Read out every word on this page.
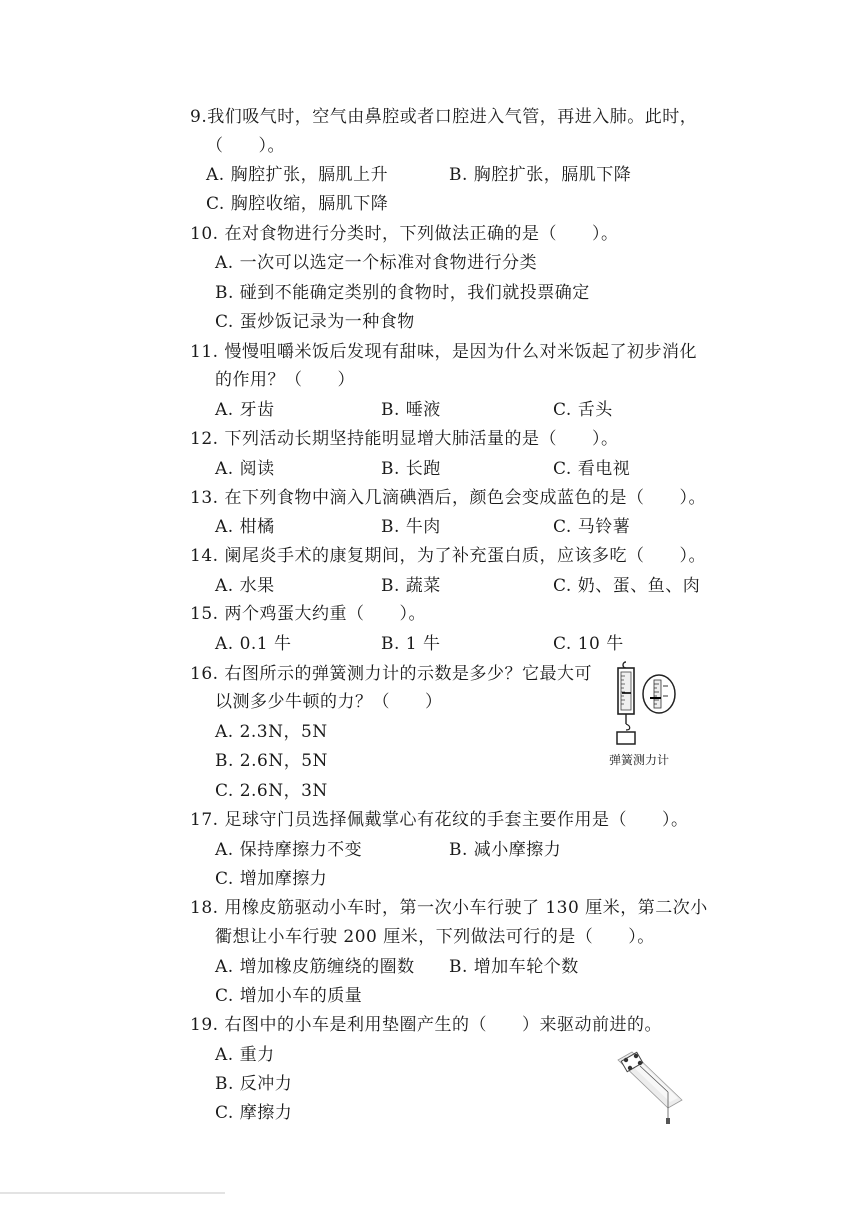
9.我们吸气时，空气由鼻腔或者口腔进入气管，再进入肺。此时，
（　　）。
A. 胸腔扩张，膈肌上升	B. 胸腔扩张，膈肌下降
C. 胸腔收缩，膈肌下降
10. 在对食物进行分类时，下列做法正确的是（　　）。
A. 一次可以选定一个标准对食物进行分类
B. 碰到不能确定类别的食物时，我们就投票确定
C. 蛋炒饭记录为一种食物
11. 慢慢咀嚼米饭后发现有甜味，是因为什么对米饭起了初步消化
的作用？（　　）
A. 牙齿	B. 唾液	C. 舌头
12. 下列活动长期坚持能明显增大肺活量的是（　　）。
A. 阅读	B. 长跑	C. 看电视
13. 在下列食物中滴入几滴碘酒后，颜色会变成蓝色的是（　　）。
A. 柑橘	B. 牛肉	C. 马铃薯
14. 阑尾炎手术的康复期间，为了补充蛋白质，应该多吃（　　）。
A. 水果	B. 蔬菜	C. 奶、蛋、鱼、肉
15. 两个鸡蛋大约重（　　）。
A. 0.1 牛	B. 1 牛	C. 10 牛
16. 右图所示的弹簧测力计的示数是多少？它最大可
以测多少牛顿的力？（　　）
A. 2.3N，5N
B. 2.6N，5N
C. 2.6N，3N
弹簧测力计
17. 足球守门员选择佩戴掌心有花纹的手套主要作用是（　　）。
A. 保持摩擦力不变	B. 减小摩擦力
C. 增加摩擦力
18. 用橡皮筋驱动小车时，第一次小车行驶了 130 厘米，第二次小
衢想让小车行驶 200 厘米，下列做法可行的是（　　）。
A. 增加橡皮筋缠绕的圈数 B. 增加车轮个数
C. 增加小车的质量
19. 右图中的小车是利用垫圈产生的（　　）来驱动前进的。
A. 重力
B. 反冲力
C. 摩擦力
